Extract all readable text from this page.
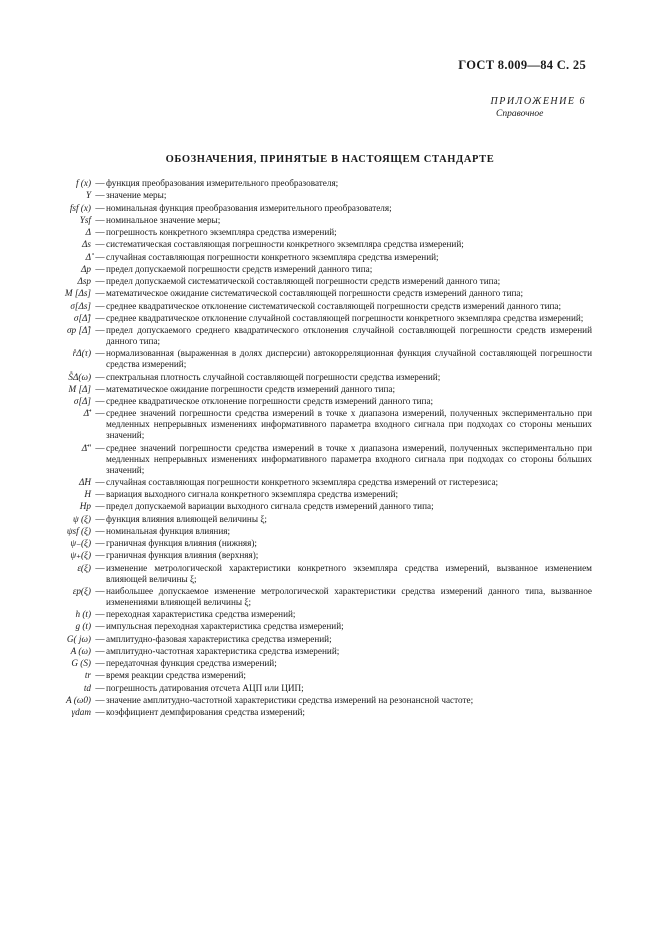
ГОСТ 8.009—84 С. 25
ПРИЛОЖЕНИЕ 6
Справочное
ОБОЗНАЧЕНИЯ, ПРИНЯТЫЕ В НАСТОЯЩЕМ СТАНДАРТЕ
f (x) — функция преобразования измерительного преобразователя;
Y — значение меры;
fsf (x) — номинальная функция преобразования измерительного преобразователя;
Ysf — номинальное значение меры;
Δ — погрешность конкретного экземпляра средства измерений;
Δs — систематическая составляющая погрешности конкретного экземпляра средства измерений;
Δ̊ — случайная составляющая погрешности конкретного экземпляра средства измерений;
Δp — предел допускаемой погрешности средств измерений данного типа;
Δsp — предел допускаемой систематической составляющей погрешности средств измерений данного типа;
M [Δs] — математическое ожидание систематической составляющей погрешности средств измерений данного типа;
σ[Δs] — среднее квадратическое отклонение систематической составляющей погрешности средств измерений данного типа;
σ[Δ̊] — среднее квадратическое отклонение случайной составляющей погрешности конкретного экземпляра средства измерений;
σp [Δ̊] — предел допускаемого среднего квадратического отклонения случайной составляющей погрешности средств измерений данного типа;
r̊Δ(τ) — нормализованная (выраженная в долях дисперсии) автокорреляционная функция случайной составляющей погрешности средства измерений;
S̊Δ(ω) — спектральная плотность случайной составляющей погрешности средства измерений;
M [Δ] — математическое ожидание погрешности средств измерений данного типа;
σ[Δ] — среднее квадратическое отклонение погрешности средств измерений данного типа;
Δ̄′ — среднее значений погрешности средства измерений в точке x диапазона измерений, полученных экспериментально при медленных непрерывных изменениях информативного параметра входного сигнала при подходах со стороны меньших значений;
Δ̄″ — среднее значений погрешности средства измерений в точке x диапазона измерений, полученных экспериментально при медленных непрерывных изменениях информативного параметра входного сигнала при подходах со стороны бо́льших значений;
Δ̊H — случайная составляющая погрешности конкретного экземпляра средства измерений от гистерезиса;
H — вариация выходного сигнала конкретного экземпляра средства измерений;
Hp — предел допускаемой вариации выходного сигнала средств измерений данного типа;
ψ (ξ) — функция влияния влияющей величины ξ;
ψsf (ξ) — номинальная функция влияния;
ψ₋(ξ) — граничная функция влияния (нижняя);
ψ₊(ξ) — граничная функция влияния (верхняя);
ε(ξ) — изменение метрологической характеристики конкретного экземпляра средства измерений, вызванное изменением влияющей величины ξ;
εp(ξ) — наибольшее допускаемое изменение метрологической характеристики средства измерений данного типа, вызванное изменениями влияющей величины ξ;
h (t) — переходная характеристика средства измерений;
g (t) — импульсная переходная характеристика средства измерений;
G( jω) — амплитудно-фазовая характеристика средства измерений;
A (ω) — амплитудно-частотная характеристика средства измерений;
G (S) — передаточная функция средства измерений;
tr — время реакции средства измерений;
td — погрешность датирования отсчета АЦП или ЦИП;
A (ω0) — значение амплитудно-частотной характеристики средства измерений на резонансной частоте;
γdam — коэффициент демпфирования средства измерений;
